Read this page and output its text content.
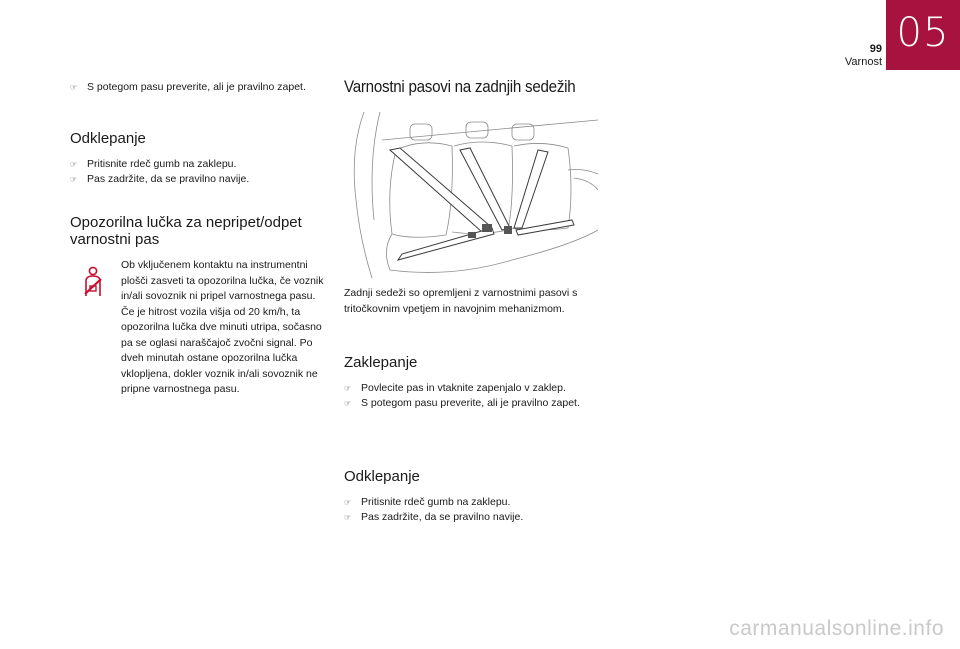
99
Varnost
05
☞ S potegom pasu preverite, ali je pravilno zapet.
Odklepanje
☞ Pritisnite rdeč gumb na zaklepu.
☞ Pas zadržite, da se pravilno navije.
Opozorilna lučka za nepripet/odpet varnostni pas
Ob vključenem kontaktu na instrumentni plošči zasveti ta opozorilna lučka, če voznik in/ali sovoznik ni pripel varnostnega pasu. Če je hitrost vozila višja od 20 km/h, ta opozorilna lučka dve minuti utripa, sočasno pa se oglasi naraščajoč zvočni signal. Po dveh minutah ostane opozorilna lučka vklopljena, dokler voznik in/ali sovoznik ne pripne varnostnega pasu.
Varnostni pasovi na zadnjih sedežih
Zadnji sedeži so opremljeni z varnostnimi pasovi s tritočkovnim vpetjem in navojnim mehanizmom.
Zaklepanje
☞ Povlecite pas in vtaknite zapenjalo v zaklep.
☞ S potegom pasu preverite, ali je pravilno zapet.
Odklepanje
☞ Pritisnite rdeč gumb na zaklepu.
☞ Pas zadržite, da se pravilno navije.
carmanualsonline.info
